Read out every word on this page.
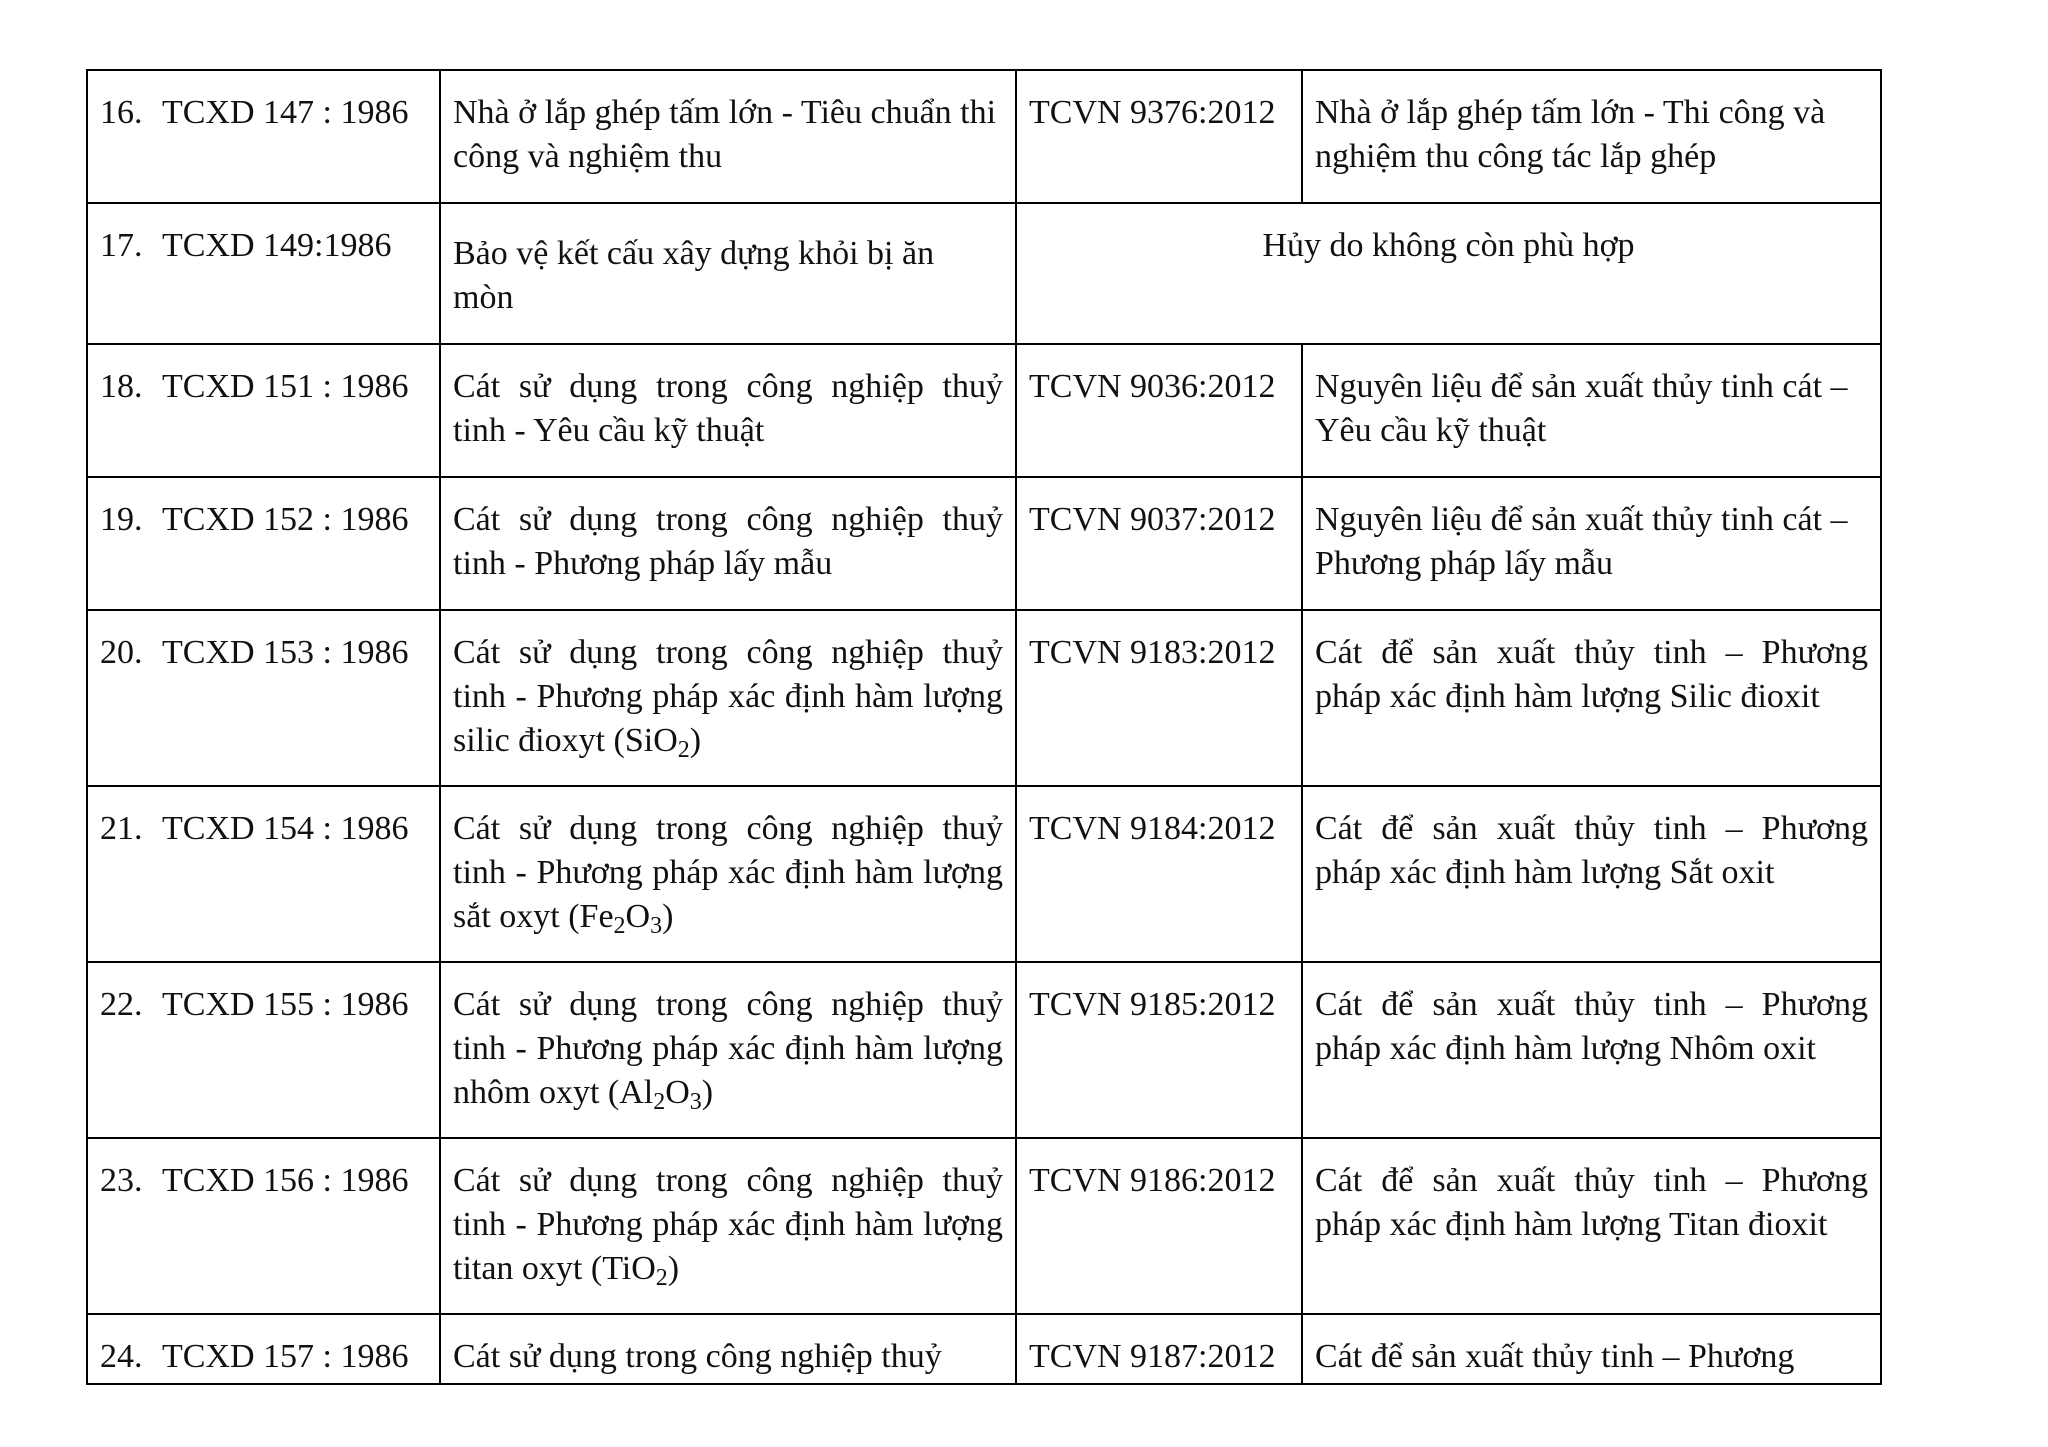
16. TCXD 147 : 1986	Nhà ở lắp ghép tấm lớn - Tiêu chuẩn thi công và nghiệm thu	TCVN 9376:2012	Nhà ở lắp ghép tấm lớn - Thi công và nghiệm thu công tác lắp ghép
17. TCXD 149:1986	Bảo vệ kết cấu xây dựng khỏi bị ăn mòn	Hủy do không còn phù hợp	
18. TCXD 151 : 1986	Cát sử dụng trong công nghiệp thuỷ tinh - Yêu cầu kỹ thuật	TCVN 9036:2012	Nguyên liệu để sản xuất thủy tinh cát – Yêu cầu kỹ thuật
19. TCXD 152 : 1986	Cát sử dụng trong công nghiệp thuỷ tinh - Phương pháp lấy mẫu	TCVN 9037:2012	Nguyên liệu để sản xuất thủy tinh cát – Phương pháp lấy mẫu
20. TCXD 153 : 1986	Cát sử dụng trong công nghiệp thuỷ tinh - Phương pháp xác định hàm lượng silic đioxyt (SiO$_2$)	TCVN 9183:2012	Cát để sản xuất thủy tinh – Phương pháp xác định hàm lượng Silic đioxit
21. TCXD 154 : 1986	Cát sử dụng trong công nghiệp thuỷ tinh - Phương pháp xác định hàm lượng sắt oxyt $(Fe_2O_3)$	TCVN 9184:2012	Cát để sản xuất thủy tinh – Phương pháp xác định hàm lượng Sắt oxit
22. TCXD 155 : 1986	Cát sử dụng trong công nghiệp thuỷ tinh - Phương pháp xác định hàm lượng nhôm oxyt $(Al_2O_3)$	TCVN 9185:2012	Cát để sản xuất thủy tinh – Phương pháp xác định hàm lượng Nhôm oxit
23. TCXD 156 : 1986	Cát sử dụng trong công nghiệp thuỷ tinh - Phương pháp xác định hàm lượng titan oxyt (TiO$_2$)	TCVN 9186:2012	Cát để sản xuất thủy tinh – Phương pháp xác định hàm lượng Titan đioxit
24. TCXD 157 : 1986	Cát sử dụng trong công nghiệp thuỷ	TCVN 9187:2012	Cát để sản xuất thủy tinh – Phương
